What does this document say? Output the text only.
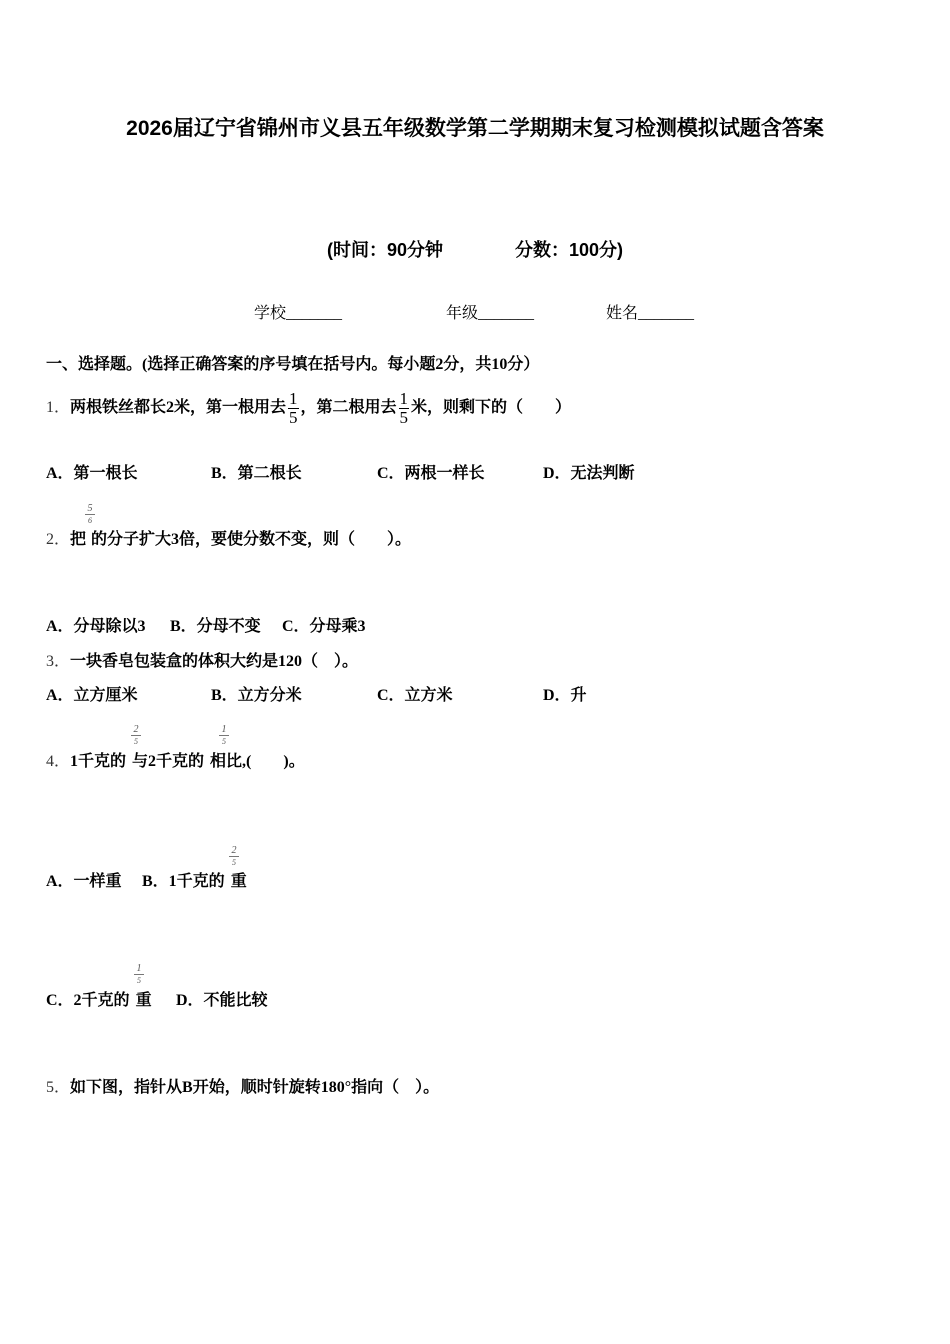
2026届辽宁省锦州市义县五年级数学第二学期期末复习检测模拟试题含答案
(时间：90分钟	分数：100分)
学校_______	年级_______	姓名_______
一、选择题。(选择正确答案的序号填在括号内。每小题2分，共10分）
1．两根铁丝都长2米，第一根用去 $\frac{1}{5}$ ，第二根用去 $\frac{1}{5}$ 米，则剩下的（　　）
A．第一根长	B．第二根长	C．两根一样长	D．无法判断
2．把 的分子扩大3倍，要使分数不变，则（　　）。
5
6
A．分母除以3 B．分母不变 C．分母乘3
3．一块香皂包装盒的体积大约是120（　）。
A．立方厘米	B．立方分米	C．立方米	D．升
4．1千克的 与2千克的 相比,(　　)。
2
5
1
5
A．一样重 B．1千克的 重
2
5
C．2千克的 重
1
5
D．不能比较
5．如下图，指针从B开始，顺时针旋转180°指向（　）。
